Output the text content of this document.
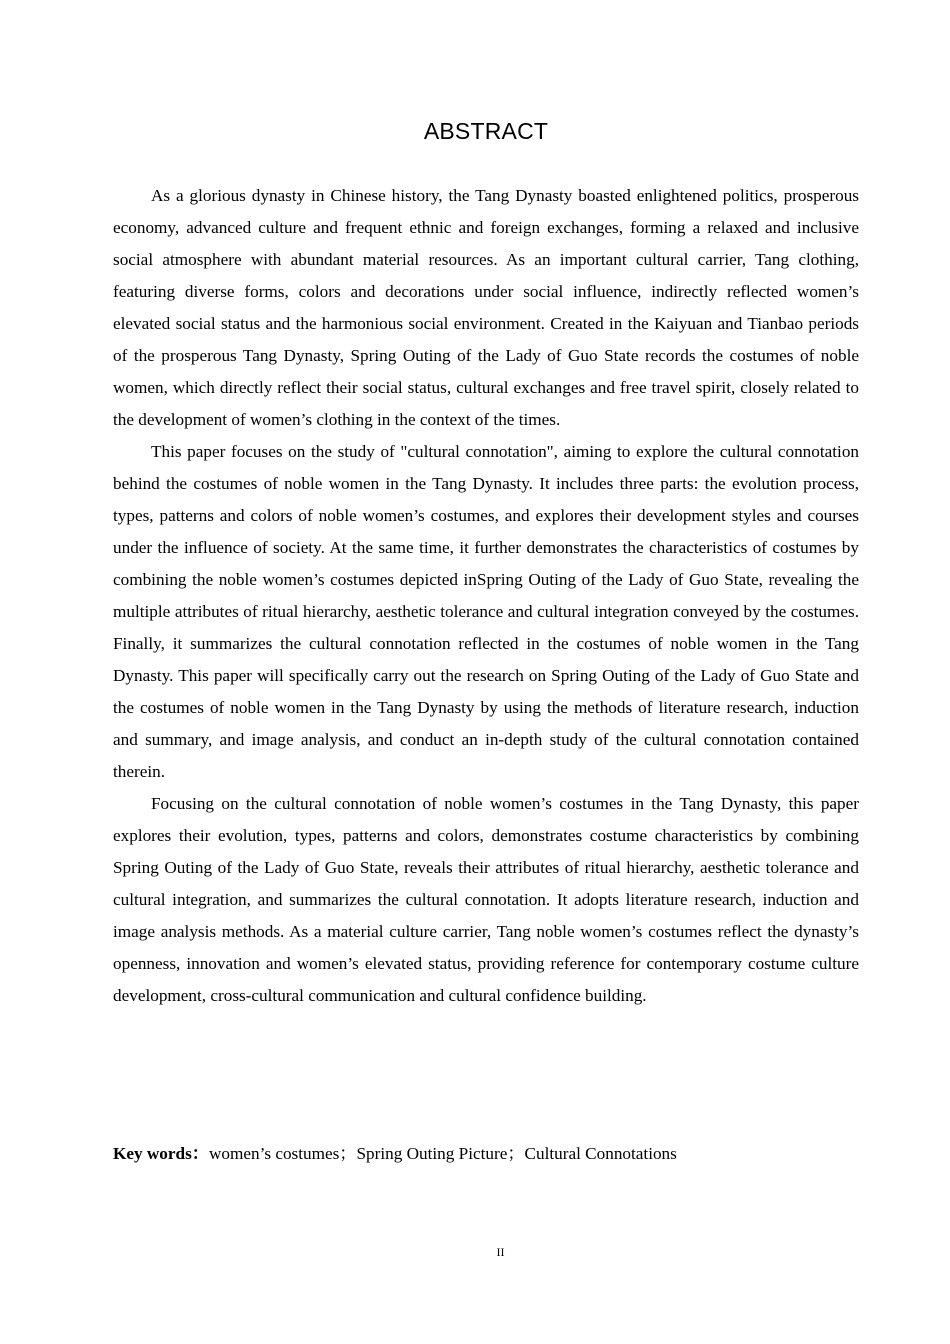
ABSTRACT

As a glorious dynasty in Chinese history, the Tang Dynasty boasted enlightened politics, prosperous economy, advanced culture and frequent ethnic and foreign exchanges, forming a relaxed and inclusive social atmosphere with abundant material resources. As an important cultural carrier, Tang clothing, featuring diverse forms, colors and decorations under social influence, indirectly reflected women’s elevated social status and the harmonious social environment. Created in the Kaiyuan and Tianbao periods of the prosperous Tang Dynasty, Spring Outing of the Lady of Guo State records the costumes of noble women, which directly reflect their social status, cultural exchanges and free travel spirit, closely related to the development of women’s clothing in the context of the times.

This paper focuses on the study of "cultural connotation", aiming to explore the cultural connotation behind the costumes of noble women in the Tang Dynasty. It includes three parts: the evolution process, types, patterns and colors of noble women’s costumes, and explores their development styles and courses under the influence of society. At the same time, it further demonstrates the characteristics of costumes by combining the noble women’s costumes depicted inSpring Outing of the Lady of Guo State, revealing the multiple attributes of ritual hierarchy, aesthetic tolerance and cultural integration conveyed by the costumes. Finally, it summarizes the cultural connotation reflected in the costumes of noble women in the Tang Dynasty. This paper will specifically carry out the research on Spring Outing of the Lady of Guo State and the costumes of noble women in the Tang Dynasty by using the methods of literature research, induction and summary, and image analysis, and conduct an in-depth study of the cultural connotation contained therein.

Focusing on the cultural connotation of noble women’s costumes in the Tang Dynasty, this paper explores their evolution, types, patterns and colors, demonstrates costume characteristics by combining Spring Outing of the Lady of Guo State, reveals their attributes of ritual hierarchy, aesthetic tolerance and cultural integration, and summarizes the cultural connotation. It adopts literature research, induction and image analysis methods. As a material culture carrier, Tang noble women’s costumes reflect the dynasty’s openness, innovation and women’s elevated status, providing reference for contemporary costume culture development, cross-cultural communication and cultural confidence building.

Key words：women’s costumes；Spring Outing Picture；Cultural Connotations
II
